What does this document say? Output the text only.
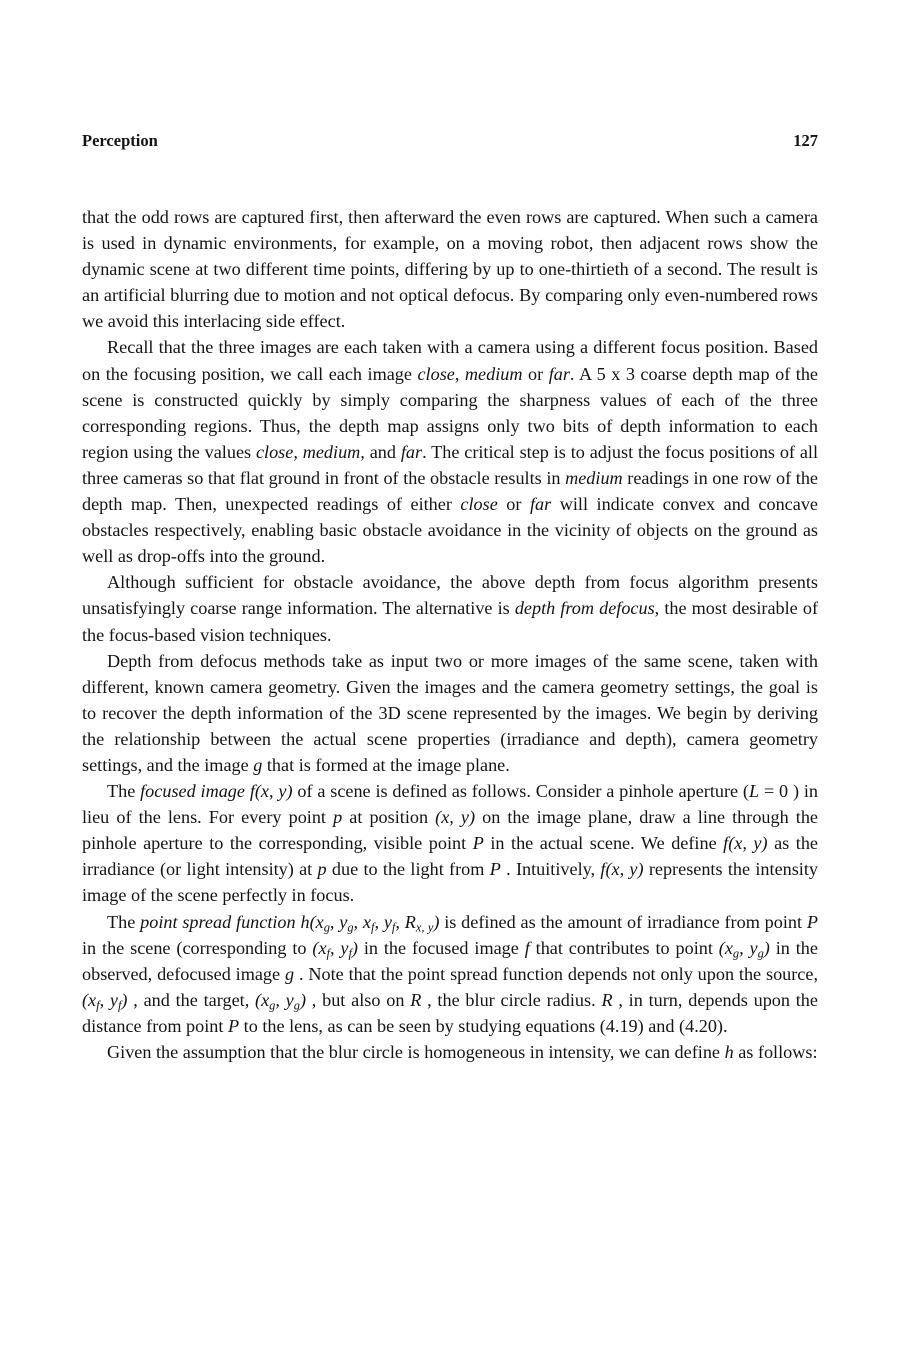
Perception	127

that the odd rows are captured first, then afterward the even rows are captured. When such a camera is used in dynamic environments, for example, on a moving robot, then adjacent rows show the dynamic scene at two different time points, differing by up to one-thirtieth of a second. The result is an artificial blurring due to motion and not optical defocus. By comparing only even-numbered rows we avoid this interlacing side effect.

Recall that the three images are each taken with a camera using a different focus position. Based on the focusing position, we call each image close, medium or far. A 5 x 3 coarse depth map of the scene is constructed quickly by simply comparing the sharpness values of each of the three corresponding regions. Thus, the depth map assigns only two bits of depth information to each region using the values close, medium, and far. The critical step is to adjust the focus positions of all three cameras so that flat ground in front of the obstacle results in medium readings in one row of the depth map. Then, unexpected readings of either close or far will indicate convex and concave obstacles respectively, enabling basic obstacle avoidance in the vicinity of objects on the ground as well as drop-offs into the ground.

Although sufficient for obstacle avoidance, the above depth from focus algorithm presents unsatisfyingly coarse range information. The alternative is depth from defocus, the most desirable of the focus-based vision techniques.

Depth from defocus methods take as input two or more images of the same scene, taken with different, known camera geometry. Given the images and the camera geometry settings, the goal is to recover the depth information of the 3D scene represented by the images. We begin by deriving the relationship between the actual scene properties (irradiance and depth), camera geometry settings, and the image g that is formed at the image plane.

The focused image f(x, y) of a scene is defined as follows. Consider a pinhole aperture (L = 0 ) in lieu of the lens. For every point p at position (x, y) on the image plane, draw a line through the pinhole aperture to the corresponding, visible point P in the actual scene. We define f(x, y) as the irradiance (or light intensity) at p due to the light from P . Intuitively, f(x, y) represents the intensity image of the scene perfectly in focus.

The point spread function $h(x_g$, $y_g$, $x_f$, $y_f$, $R_{x, y}$) is defined as the amount of irradiance from point P in the scene (corresponding to ($x_f$, $y_f$) in the focused image f that contributes to point ($x_g$, $y_g$) in the observed, defocused image g . Note that the point spread function depends not only upon the source, ($x_f$, $y_f$) , and the target, ($x_g$, $y_g$) , but also on R , the blur circle radius. R , in turn, depends upon the distance from point P to the lens, as can be seen by studying equations (4.19) and (4.20).

Given the assumption that the blur circle is homogeneous in intensity, we can define h as follows:
